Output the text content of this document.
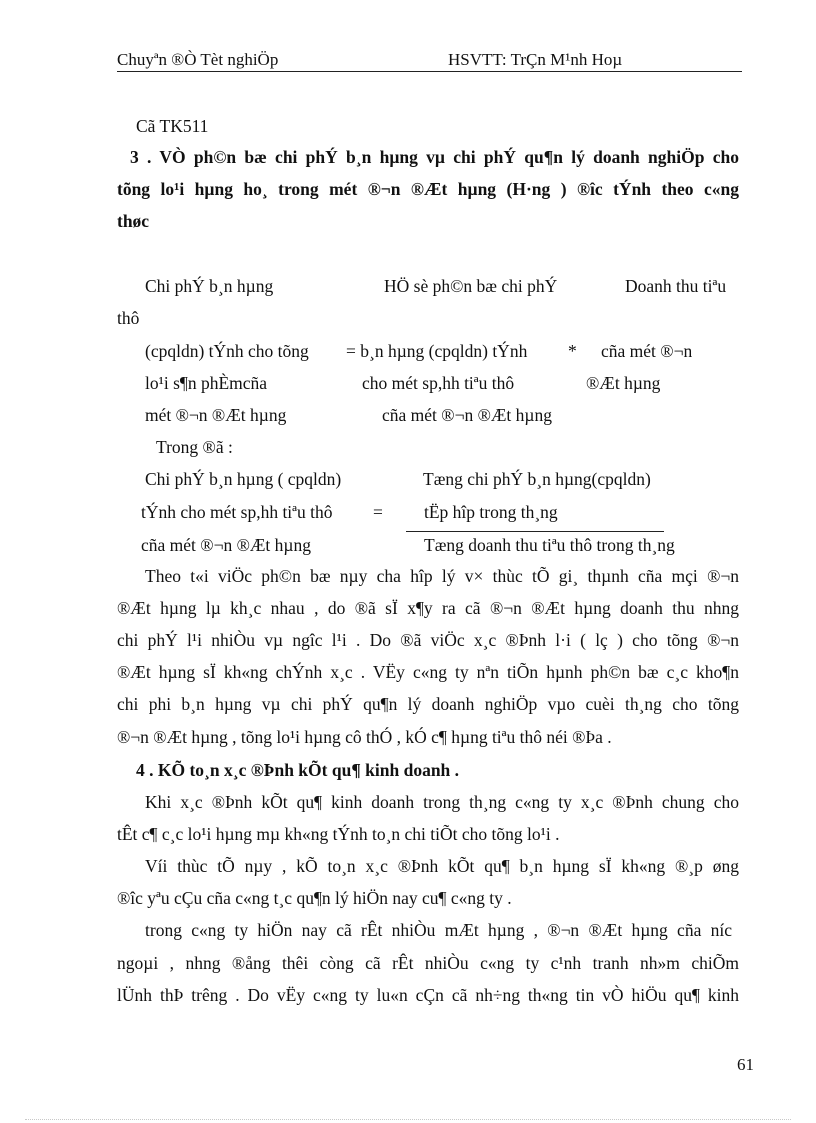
Chuyªn ®Ò Tèt nghiÖp	HSVTT: TrÇn M¹nh Hoµ
Cã TK511
3 . VÒ ph©n bæ chi phÝ b¸n hµng vµ chi phÝ qu¶n lý doanh nghiÖp cho
tõng lo¹i hµng ho¸ trong mét ®¬n ®Æt hµng (H·ng ) ®îc tÝnh theo c«ng
thøc
Chi phÝ b¸n hµng	HÖ sè ph©n bæ chi phÝ	Doanh thu tiªu
thô
(cpqldn) tÝnh cho tõng = b¸n hµng (cpqldn) tÝnh * cña mét ®¬n
lo¹i s¶n phÈmcña	cho mét sp,hh tiªu thô	®Æt hµng
mét ®¬n ®Æt hµng	cña mét ®¬n ®Æt hµng
Trong ®ã :
Chi phÝ b¸n hµng ( cpqldn)	Tæng chi phÝ b¸n hµng(cpqldn)
tÝnh cho mét sp,hh tiªu thô = tËp hîp trong th¸ng
cña mét ®¬n ®Æt hµng	Tæng doanh thu tiªu thô trong th¸ng
Theo t«i viÖc ph©n bæ nµy cha hîp lý v× thùc tÕ gi¸ thµnh cña mçi ®¬n
®Æt hµng lµ kh¸c nhau , do ®ã sÏ x¶y ra cã ®¬n ®Æt hµng doanh thu nhng
chi phÝ l¹i nhiÒu vµ ngîc l¹i . Do ®ã viÖc x¸c ®Þnh l·i ( lç ) cho tõng ®¬n
®Æt hµng sÏ kh«ng chÝnh x¸c . VËy c«ng ty nªn tiÕn hµnh ph©n bæ c¸c kho¶n
chi phi b¸n hµng vµ chi phÝ qu¶n lý doanh nghiÖp vµo cuèi th¸ng cho tõng
®¬n ®Æt hµng , tõng lo¹i hµng cô thÓ , kÓ c¶ hµng tiªu thô néi ®Þa .
4 . KÕ to¸n x¸c ®Þnh kÕt qu¶ kinh doanh .
Khi x¸c ®Þnh kÕt qu¶ kinh doanh trong th¸ng c«ng ty x¸c ®Þnh chung cho
tÊt c¶ c¸c lo¹i hµng mµ kh«ng tÝnh to¸n chi tiÕt cho tõng lo¹i .
Víi thùc tÕ nµy , kÕ to¸n x¸c ®Þnh kÕt qu¶ b¸n hµng sÏ kh«ng ®¸p øng
®îc yªu cÇu cña c«ng t¸c qu¶n lý hiÖn nay cu¶ c«ng ty .
trong c«ng ty hiÖn nay cã rÊt nhiÒu mÆt hµng , ®¬n ®Æt hµng cña níc
ngoµi , nhng ®ång thêi còng cã rÊt nhiÒu c«ng ty c¹nh tranh nh»m chiÕm
lÜnh thÞ trêng . Do vËy c«ng ty lu«n cÇn cã nh÷ng th«ng tin vÒ hiÖu qu¶ kinh
61
